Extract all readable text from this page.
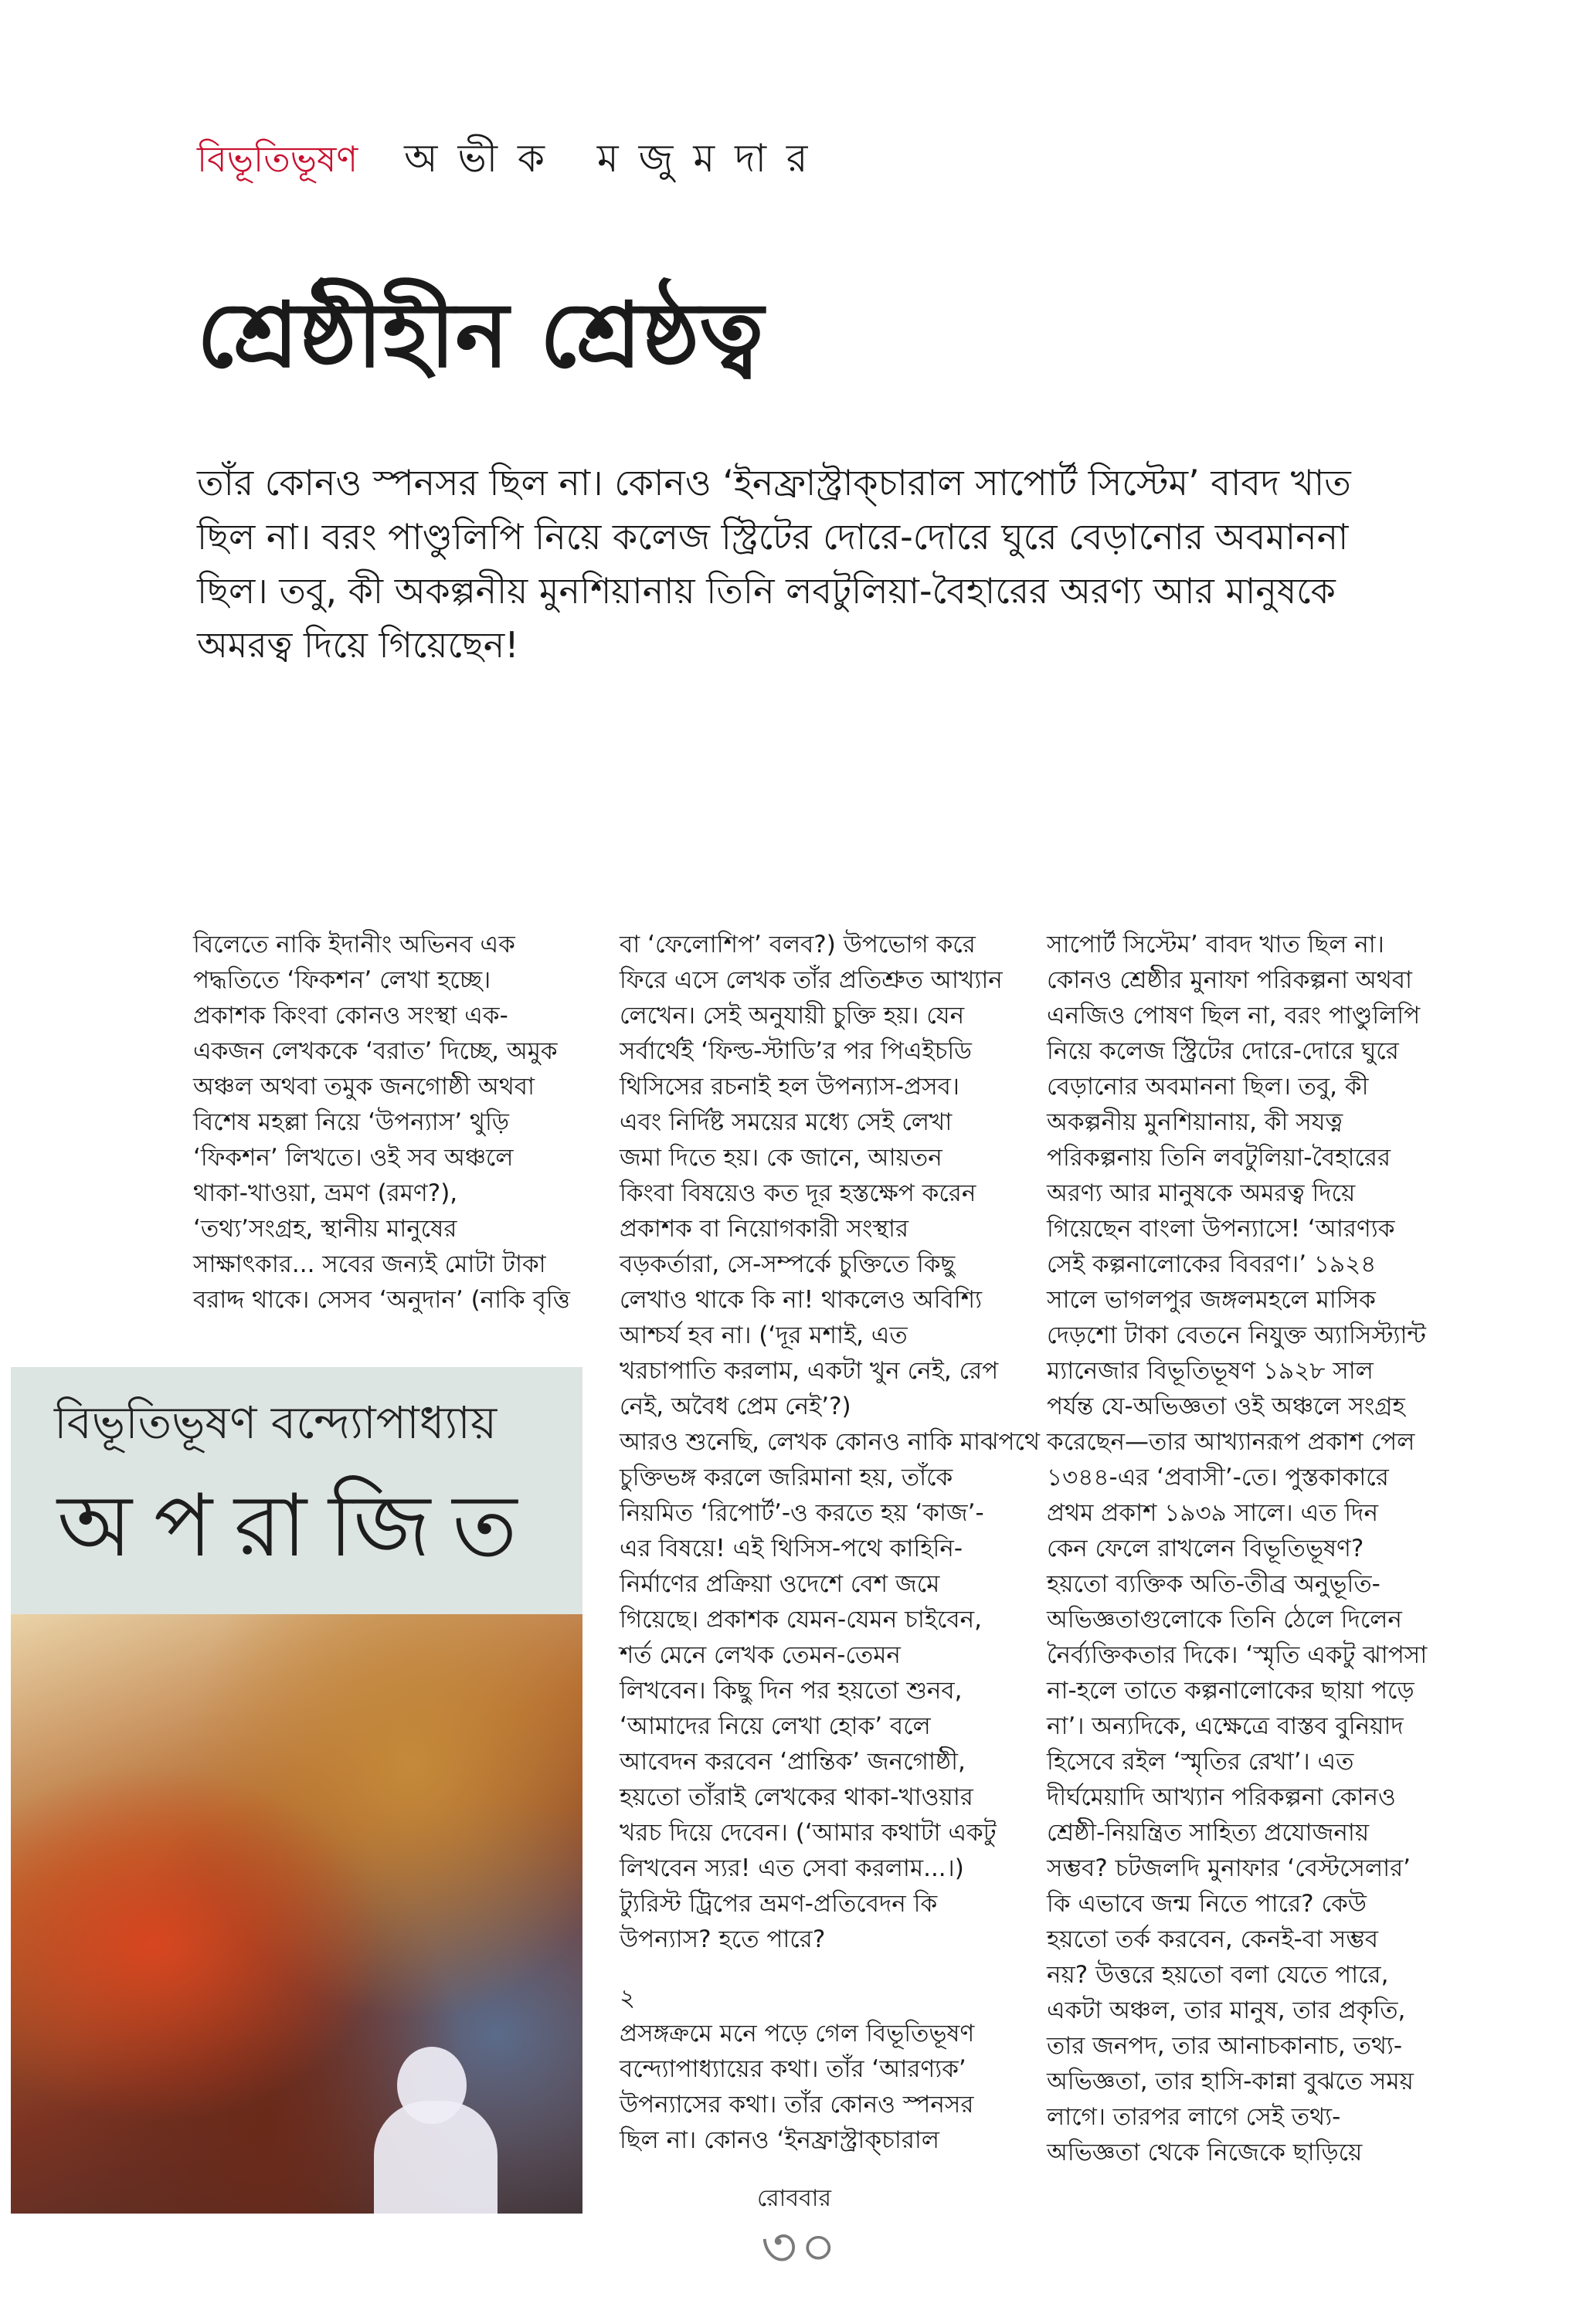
বিভূতিভূষণ অভীক মজুমদার
শ্রেষ্ঠীহীন শ্রেষ্ঠত্ব
তাঁর কোনও স্পনসর ছিল না। কোনও ‘ইনফ্রাস্ট্রাক্চারাল সাপোর্ট সিস্টেম’ বাবদ খাত ছিল না। বরং পাণ্ডুলিপি নিয়ে কলেজ স্ট্রিটের দোরে-দোরে ঘুরে বেড়ানোর অবমাননা ছিল। তবু, কী অকল্পনীয় মুনশিয়ানায় তিনি লবটুলিয়া-বৈহারের অরণ্য আর মানুষকে অমরত্ব দিয়ে গিয়েছেন!

বিলেতে নাকি ইদানীং অভিনব এক

পদ্ধতিতে ‘ফিকশন’ লেখা হচ্ছে।

প্রকাশক কিংবা কোনও সংস্থা এক-

একজন লেখককে ‘বরাত’ দিচ্ছে, অমুক

অঞ্চল অথবা তমুক জনগোষ্ঠী অথবা

বিশেষ মহল্লা নিয়ে ‘উপন্যাস’ থুড়ি

‘ফিকশন’ লিখতে। ওই সব অঞ্চলে

থাকা-খাওয়া, ভ্রমণ (রমণ?),

‘তথ্য’সংগ্রহ, স্থানীয় মানুষের

সাক্ষাৎকার... সবের জন্যই মোটা টাকা

বরাদ্দ থাকে। সেসব ‘অনুদান’ (নাকি বৃত্তি

বা ‘ফেলোশিপ’ বলব?) উপভোগ করে

ফিরে এসে লেখক তাঁর প্রতিশ্রুত আখ্যান

লেখেন। সেই অনুযায়ী চুক্তি হয়। যেন

সর্বার্থেই ‘ফিল্ড-স্টাডি’র পর পিএইচডি

থিসিসের রচনাই হল উপন্যাস-প্রসব।

এবং নির্দিষ্ট সময়ের মধ্যে সেই লেখা

জমা দিতে হয়। কে জানে, আয়তন

কিংবা বিষয়েও কত দূর হস্তক্ষেপ করেন

প্রকাশক বা নিয়োগকারী সংস্থার

বড়কর্তারা, সে-সম্পর্কে চুক্তিতে কিছু

লেখাও থাকে কি না! থাকলেও অবিশ্যি

আশ্চর্য হব না। (‘দূর মশাই, এত

খরচাপাতি করলাম, একটা খুন নেই, রেপ

নেই, অবৈধ প্রেম নেই’?)

আরও শুনেছি, লেখক কোনও নাকি মাঝপথে

চুক্তিভঙ্গ করলে জরিমানা হয়, তাঁকে

নিয়মিত ‘রিপোর্ট’-ও করতে হয় ‘কাজ’-

এর বিষয়ে! এই থিসিস-পথে কাহিনি-

নির্মাণের প্রক্রিয়া ওদেশে বেশ জমে

গিয়েছে। প্রকাশক যেমন-যেমন চাইবেন,

শর্ত মেনে লেখক তেমন-তেমন

লিখবেন। কিছু দিন পর হয়তো শুনব,

‘আমাদের নিয়ে লেখা হোক’ বলে

আবেদন করবেন ‘প্রান্তিক’ জনগোষ্ঠী,

হয়তো তাঁরাই লেখকের থাকা-খাওয়ার

খরচ দিয়ে দেবেন। (‘আমার কথাটা একটু

লিখবেন স্যর! এত সেবা করলাম...।)

ট্যুরিস্ট ট্রিপের ভ্রমণ-প্রতিবেদন কি

উপন্যাস? হতে পারে?

২

প্রসঙ্গক্রমে মনে পড়ে গেল বিভূতিভূষণ

বন্দ্যোপাধ্যায়ের কথা। তাঁর ‘আরণ্যক’

উপন্যাসের কথা। তাঁর কোনও স্পনসর

ছিল না। কোনও ‘ইনফ্রাস্ট্রাক্চারাল

সাপোর্ট সিস্টেম’ বাবদ খাত ছিল না।

কোনও শ্রেষ্ঠীর মুনাফা পরিকল্পনা অথবা

এনজিও পোষণ ছিল না, বরং পাণ্ডুলিপি

নিয়ে কলেজ স্ট্রিটের দোরে-দোরে ঘুরে

বেড়ানোর অবমাননা ছিল। তবু, কী

অকল্পনীয় মুনশিয়ানায়, কী সযত্ন

পরিকল্পনায় তিনি লবটুলিয়া-বৈহারের

অরণ্য আর মানুষকে অমরত্ব দিয়ে

গিয়েছেন বাংলা উপন্যাসে! ‘আরণ্যক

সেই কল্পনালোকের বিবরণ।’ ১৯২৪

সালে ভাগলপুর জঙ্গলমহলে মাসিক

দেড়শো টাকা বেতনে নিযুক্ত অ্যাসিস্ট্যান্ট

ম্যানেজার বিভূতিভূষণ ১৯২৮ সাল

পর্যন্ত যে-অভিজ্ঞতা ওই অঞ্চলে সংগ্রহ

করেছেন—তার আখ্যানরূপ প্রকাশ পেল

১৩৪৪-এর ‘প্রবাসী’-তে। পুস্তকাকারে

প্রথম প্রকাশ ১৯৩৯ সালে। এত দিন

কেন ফেলে রাখলেন বিভূতিভূষণ?

হয়তো ব্যক্তিক অতি-তীব্র অনুভূতি-

অভিজ্ঞতাগুলোকে তিনি ঠেলে দিলেন

নৈর্ব্যক্তিকতার দিকে। ‘স্মৃতি একটু ঝাপসা

না-হলে তাতে কল্পনালোকের ছায়া পড়ে

না’। অন্যদিকে, এক্ষেত্রে বাস্তব বুনিয়াদ

হিসেবে রইল ‘স্মৃতির রেখা’। এত

দীর্ঘমেয়াদি আখ্যান পরিকল্পনা কোনও

শ্রেষ্ঠী-নিয়ন্ত্রিত সাহিত্য প্রযোজনায়

সম্ভব? চটজলদি মুনাফার ‘বেস্টসেলার’

কি এভাবে জন্ম নিতে পারে? কেউ

হয়তো তর্ক করবেন, কেনই-বা সম্ভব

নয়? উত্তরে হয়তো বলা যেতে পারে,

একটা অঞ্চল, তার মানুষ, তার প্রকৃতি,

তার জনপদ, তার আনাচকানাচ, তথ্য-

অভিজ্ঞতা, তার হাসি-কান্না বুঝতে সময়

লাগে। তারপর লাগে সেই তথ্য-

অভিজ্ঞতা থেকে নিজেকে ছাড়িয়ে

বিভূতিভূষণ বন্দ্যোপাধ্যায়
অপরাজিত
রোববার
৩০
